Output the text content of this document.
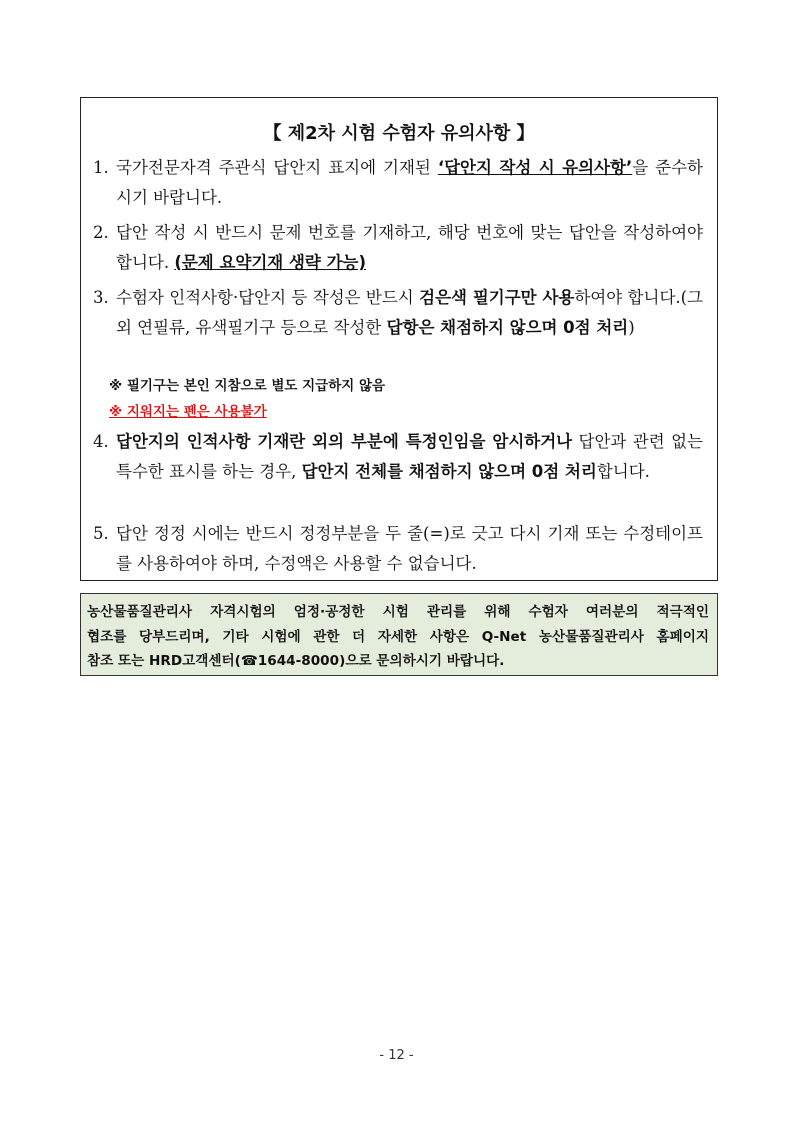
【 제2차 시험 수험자 유의사항 】
1. 국가전문자격 주관식 답안지 표지에 기재된 ‘답안지 작성 시 유의사항’을 준수하시기 바랍니다.
2. 답안 작성 시 반드시 문제 번호를 기재하고, 해당 번호에 맞는 답안을 작성하여야 합니다. (문제 요약기재 생략 가능)
3. 수험자 인적사항·답안지 등 작성은 반드시 검은색 필기구만 사용하여야 합니다.(그 외 연필류, 유색필기구 등으로 작성한 답항은 채점하지 않으며 0점 처리)
※ 필기구는 본인 지참으로 별도 지급하지 않음
※ 지워지는 펜은 사용불가
4. 답안지의 인적사항 기재란 외의 부분에 특정인임을 암시하거나 답안과 관련 없는 특수한 표시를 하는 경우, 답안지 전체를 채점하지 않으며 0점 처리합니다.
5. 답안 정정 시에는 반드시 정정부분을 두 줄(=)로 긋고 다시 기재 또는 수정테이프를 사용하여야 하며, 수정액은 사용할 수 없습니다.
농산물품질관리사 자격시험의 엄정·공정한 시험 관리를 위해 수험자 여러분의 적극적인
협조를 당부드리며, 기타 시험에 관한 더 자세한 사항은 Q-Net 농산물품질관리사 홈페이지
참조 또는 HRD고객센터(☎1644-8000)으로 문의하시기 바랍니다.
- 12 -
